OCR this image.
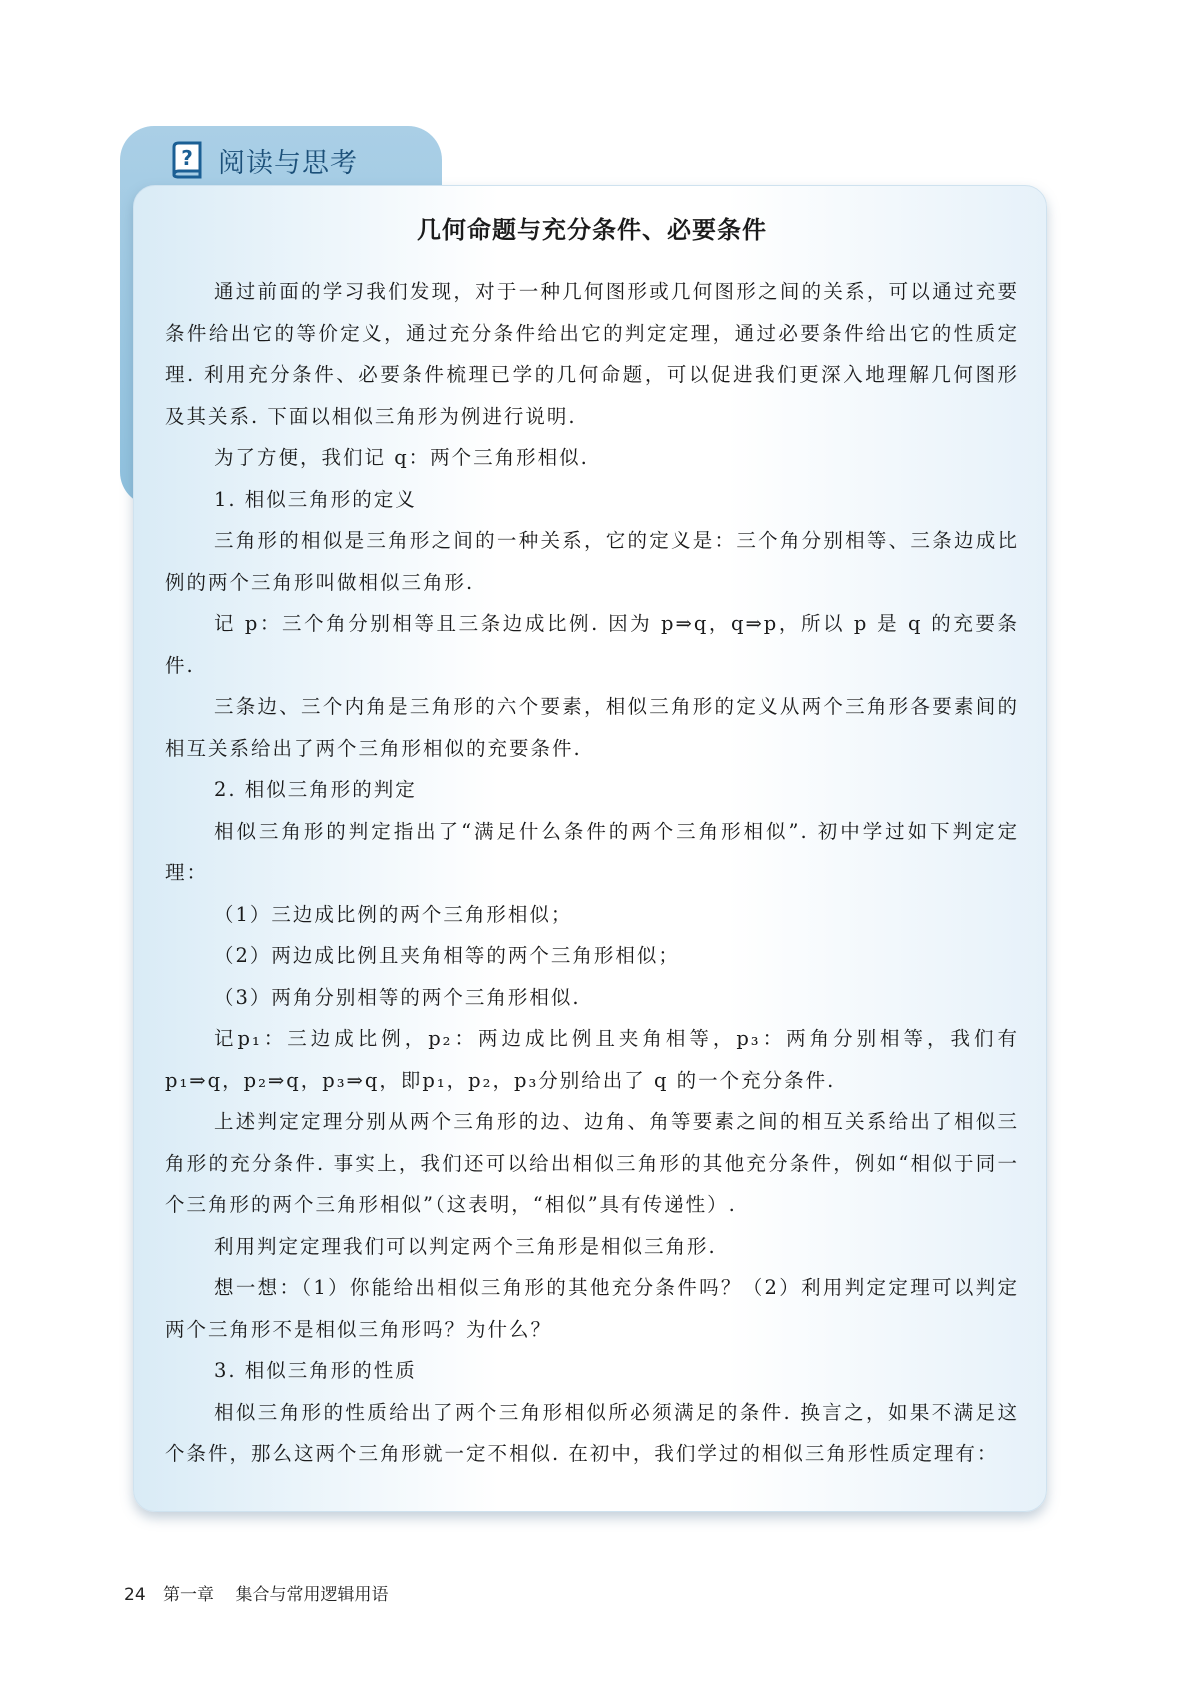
? 阅读与思考
几何命题与充分条件、必要条件

通过前面的学习我们发现，对于一种几何图形或几何图形之间的关系，可以通过充要条件给出它的等价定义，通过充分条件给出它的判定定理，通过必要条件给出它的性质定理. 利用充分条件、必要条件梳理已学的几何命题，可以促进我们更深入地理解几何图形及其关系. 下面以相似三角形为例进行说明.

为了方便，我们记 q：两个三角形相似.

1. 相似三角形的定义

三角形的相似是三角形之间的一种关系，它的定义是：三个角分别相等、三条边成比例的两个三角形叫做相似三角形.

记 p：三个角分别相等且三条边成比例. 因为 p⇒q，q⇒p，所以 p 是 q 的充要条件.

三条边、三个内角是三角形的六个要素，相似三角形的定义从两个三角形各要素间的相互关系给出了两个三角形相似的充要条件.

2. 相似三角形的判定

相似三角形的判定指出了“满足什么条件的两个三角形相似”. 初中学过如下判定定理：

（1）三边成比例的两个三角形相似；

（2）两边成比例且夹角相等的两个三角形相似；

（3）两角分别相等的两个三角形相似.

记p₁：三边成比例，p₂：两边成比例且夹角相等，p₃：两角分别相等，我们有p₁⇒q，p₂⇒q，p₃⇒q，即p₁，p₂，p₃分别给出了 q 的一个充分条件.

上述判定定理分别从两个三角形的边、边角、角等要素之间的相互关系给出了相似三角形的充分条件. 事实上，我们还可以给出相似三角形的其他充分条件，例如“相似于同一个三角形的两个三角形相似”（这表明，“相似”具有传递性）.

利用判定定理我们可以判定两个三角形是相似三角形.

想一想：（1）你能给出相似三角形的其他充分条件吗？（2）利用判定定理可以判定两个三角形不是相似三角形吗？为什么？

3. 相似三角形的性质

相似三角形的性质给出了两个三角形相似所必须满足的条件. 换言之，如果不满足这个条件，那么这两个三角形就一定不相似. 在初中，我们学过的相似三角形性质定理有：

24 第一章 集合与常用逻辑用语
